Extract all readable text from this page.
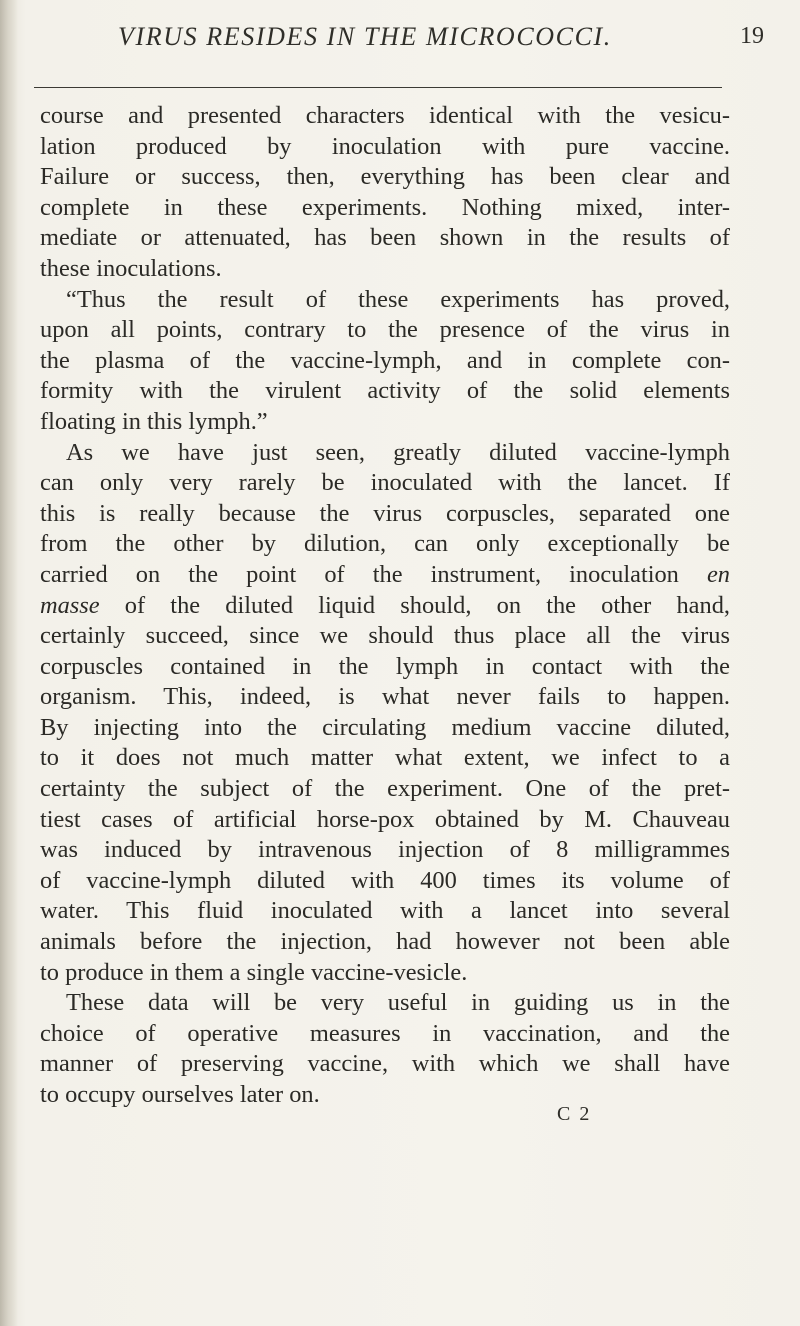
VIRUS RESIDES IN THE MICROCOCCI.	19
course and presented characters identical with the vesicu-
lation produced by inoculation with pure vaccine.
Failure or success, then, everything has been clear and
complete in these experiments. Nothing mixed, inter-
mediate or attenuated, has been shown in the results of
these inoculations.
“Thus the result of these experiments has proved,
upon all points, contrary to the presence of the virus in
the plasma of the vaccine-lymph, and in complete con-
formity with the virulent activity of the solid elements
floating in this lymph.”
As we have just seen, greatly diluted vaccine-lymph
can only very rarely be inoculated with the lancet. If
this is really because the virus corpuscles, separated one
from the other by dilution, can only exceptionally be
carried on the point of the instrument, inoculation en
masse of the diluted liquid should, on the other hand,
certainly succeed, since we should thus place all the virus
corpuscles contained in the lymph in contact with the
organism. This, indeed, is what never fails to happen.
By injecting into the circulating medium vaccine diluted,
to it does not much matter what extent, we infect to a
certainty the subject of the experiment. One of the pret-
tiest cases of artificial horse-pox obtained by M. Chauveau
was induced by intravenous injection of 8 milligrammes
of vaccine-lymph diluted with 400 times its volume of
water. This fluid inoculated with a lancet into several
animals before the injection, had however not been able
to produce in them a single vaccine-vesicle.
These data will be very useful in guiding us in the
choice of operative measures in vaccination, and the
manner of preserving vaccine, with which we shall have
to occupy ourselves later on.
C 2
